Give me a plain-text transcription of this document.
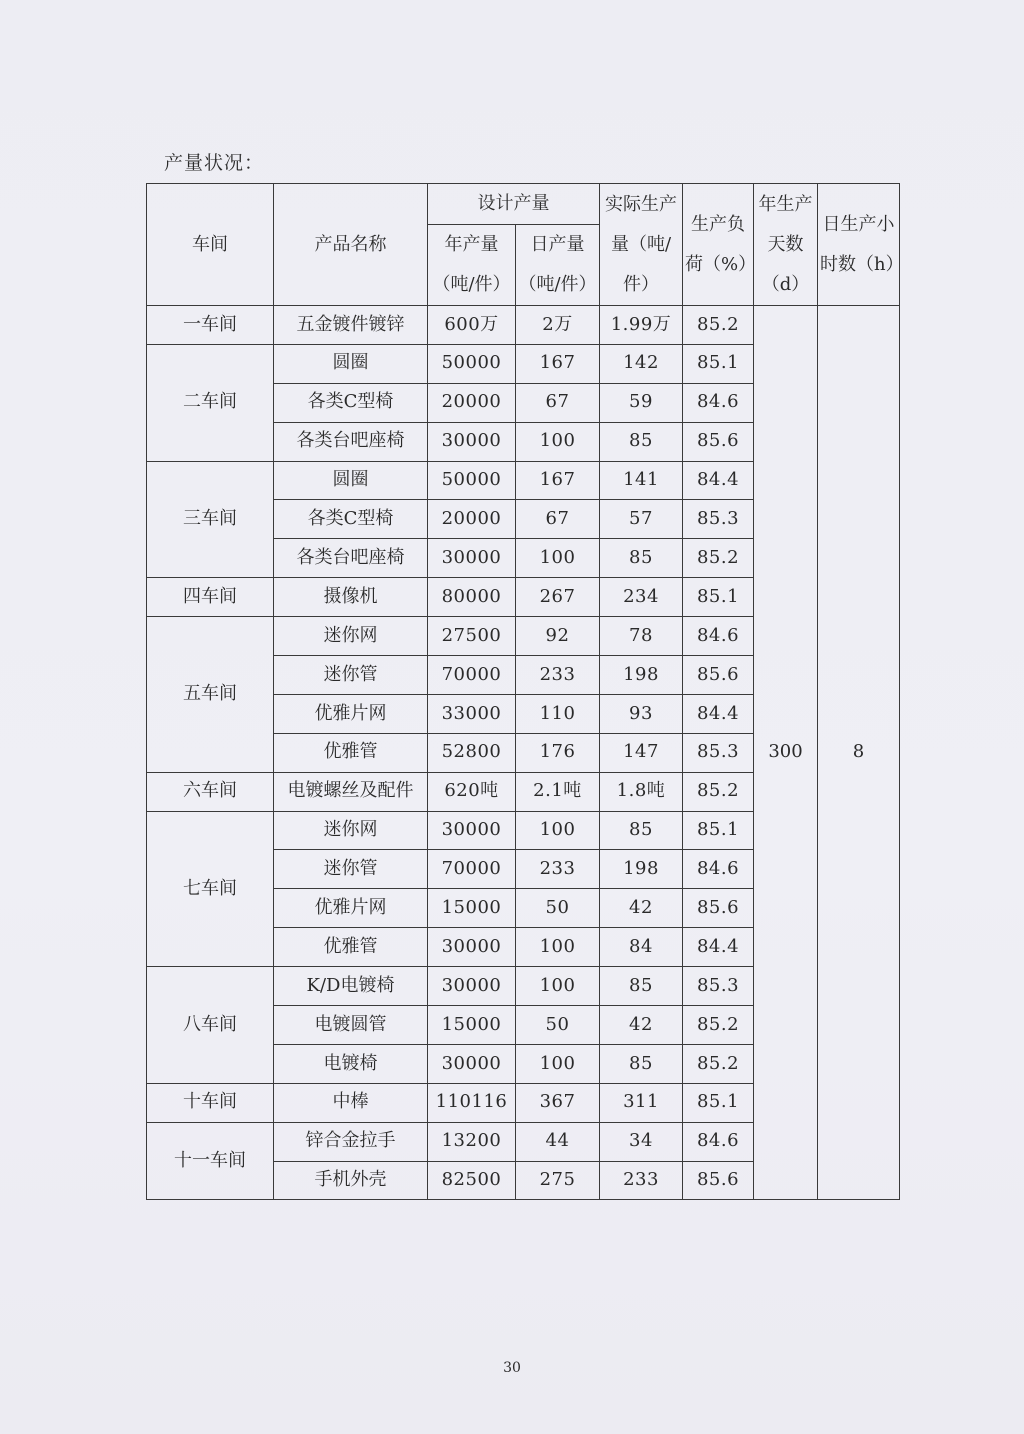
产量状况：
车间	产品名称	设计产量		实际生产量（吨/件）	生产负荷（%）	年生产天数（d）	日生产小时数（h）
		年产量（吨/件）	日产量（吨/件）				
一车间	五金镀件镀锌	600万	2万	1.99万	85.2	300	8
二车间	圆圈	50000	167	142	85.1		
	各类C型椅	20000	67	59	84.6		
	各类台吧座椅	30000	100	85	85.6		
三车间	圆圈	50000	167	141	84.4		
	各类C型椅	20000	67	57	85.3		
	各类台吧座椅	30000	100	85	85.2		
四车间	摄像机	80000	267	234	85.1		
五车间	迷你网	27500	92	78	84.6		
	迷你管	70000	233	198	85.6		
	优雅片网	33000	110	93	84.4		
	优雅管	52800	176	147	85.3		
六车间	电镀螺丝及配件	620吨	2.1吨	1.8吨	85.2		
七车间	迷你网	30000	100	85	85.1		
	迷你管	70000	233	198	84.6		
	优雅片网	15000	50	42	85.6		
	优雅管	30000	100	84	84.4		
八车间	K/D电镀椅	30000	100	85	85.3		
	电镀圆管	15000	50	42	85.2		
	电镀椅	30000	100	85	85.2		
十车间	中棒	110116	367	311	85.1		
十一车间	锌合金拉手	13200	44	34	84.6		
	手机外壳	82500	275	233	85.6		
30
